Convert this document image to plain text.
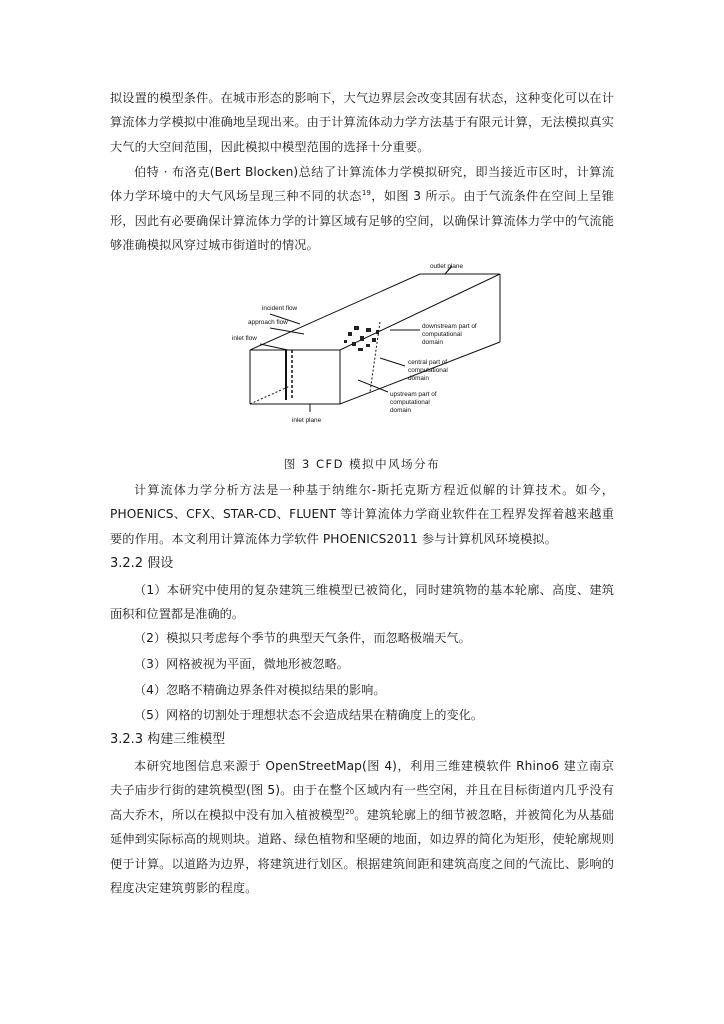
拟设置的模型条件。在城市形态的影响下，大气边界层会改变其固有状态，这种变化可以在计算流体力学模拟中准确地呈现出来。由于计算流体动力学方法基于有限元计算，无法模拟真实大气的大空间范围，因此模拟中模型范围的选择十分重要。

伯特 · 布洛克(Bert Blocken)总结了计算流体力学模拟研究，即当接近市区时，计算流体力学环境中的大气风场呈现三种不同的状态$^{19}$，如图 3 所示。由于气流条件在空间上呈锥形，因此有必要确保计算流体力学的计算区域有足够的空间，以确保计算流体力学中的气流能够准确模拟风穿过城市街道时的情况。

outlet plane
incident flow
approach flow
inlet flow
downstream part of
computational
domain
central part of
computational
domain
upstream part of
computational
domain
inlet plane

图 3 CFD 模拟中风场分布

计算流体力学分析方法是一种基于纳维尔-斯托克斯方程近似解的计算技术。如今，PHOENICS、CFX、STAR-CD、FLUENT 等计算流体力学商业软件在工程界发挥着越来越重要的作用。本文利用计算流体力学软件 PHOENICS2011 参与计算机风环境模拟。

3.2.2 假设

（1）本研究中使用的复杂建筑三维模型已被简化，同时建筑物的基本轮廓、高度、建筑面积和位置都是准确的。

（2）模拟只考虑每个季节的典型天气条件，而忽略极端天气。

（3）网格被视为平面，微地形被忽略。

（4）忽略不精确边界条件对模拟结果的影响。

（5）网格的切割处于理想状态不会造成结果在精确度上的变化。

3.2.3 构建三维模型

本研究地图信息来源于 OpenStreetMap(图 4)，利用三维建模软件 Rhino6 建立南京夫子庙步行街的建筑模型(图 5)。由于在整个区域内有一些空闲，并且在目标街道内几乎没有高大乔木，所以在模拟中没有加入植被模型$^{20}$。建筑轮廓上的细节被忽略，并被简化为从基础延伸到实际标高的规则块。道路、绿色植物和坚硬的地面，如边界的简化为矩形，使轮廓规则便于计算。以道路为边界，将建筑进行划区。根据建筑间距和建筑高度之间的气流比、影响的程度决定建筑剪影的程度。
